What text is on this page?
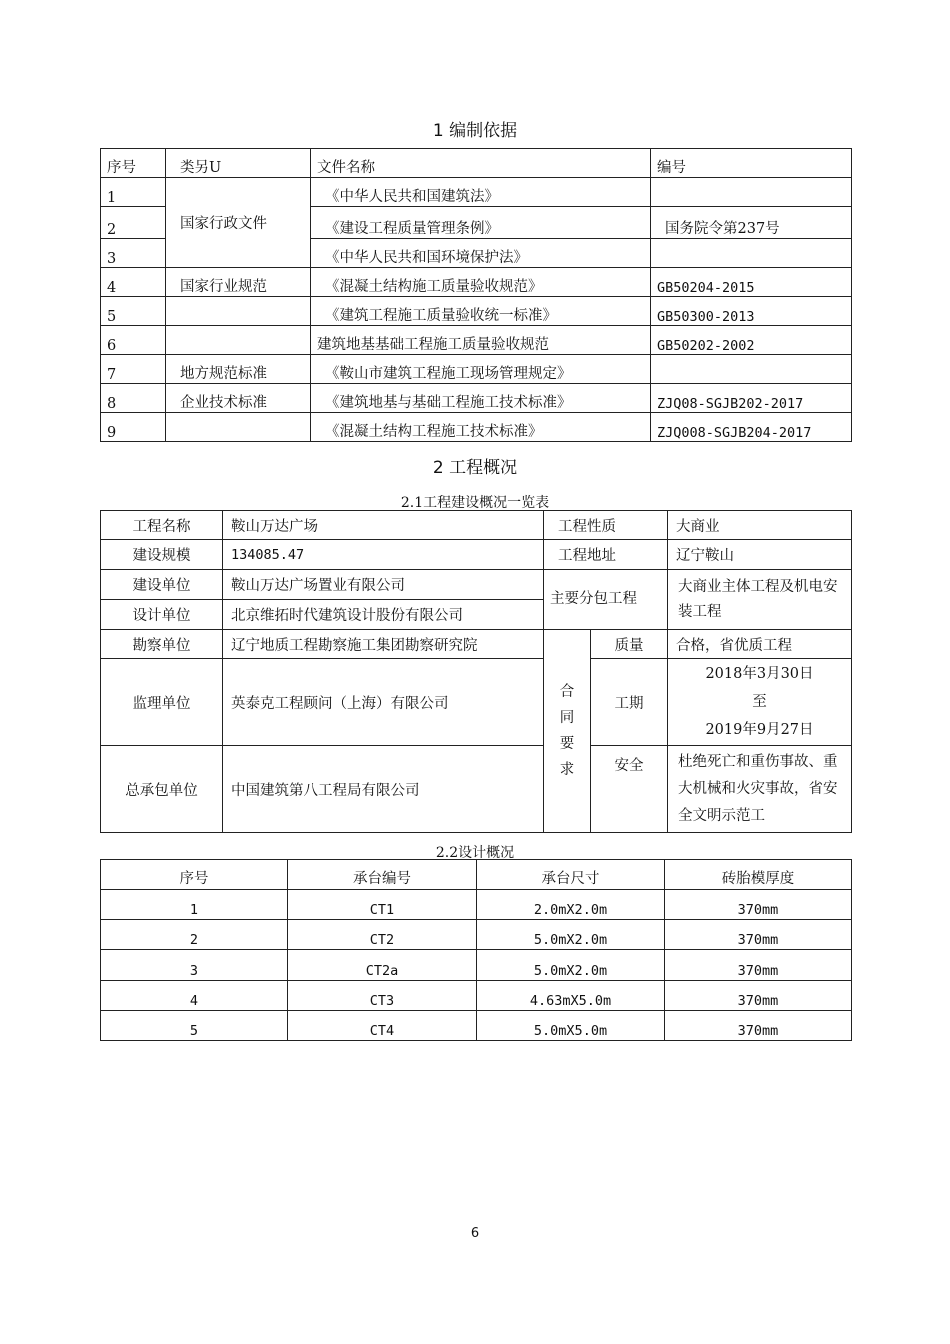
1 编制依据
序号	类另U	文件名称	编号
1	国家行政文件	《中华人民共和国建筑法》	
2		《建设工程质量管理条例》	国务院令第237号
3		《中华人民共和国环境保护法》	
4	国家行业规范	《混凝土结构施工质量验收规范》	GB50204-2015
5		《建筑工程施工质量验收统一标准》	GB50300-2013
6		建筑地基基础工程施工质量验收规范	GB50202-2002
7	地方规范标准	《鞍山市建筑工程施工现场管理规定》	
8	企业技术标准	《建筑地基与基础工程施工技术标准》	ZJQ08-SGJB202-2017
9		《混凝土结构工程施工技术标准》	ZJQ008-SGJB204-2017
2 工程概况
2.1工程建设概况一览表
工程名称	鞍山万达广场	工程性质		大商业
建设规模	134085.47	工程地址		辽宁鞍山
建设单位	鞍山万达广场置业有限公司	主要分包工程		大商业主体工程及机电安装工程
设计单位	北京维拓时代建筑设计股份有限公司			
勘察单位	辽宁地质工程勘察施工集团勘察研究院	合同要求	质量	合格，省优质工程
监理单位	英泰克工程顾问（上海）有限公司		工期	2018年3月30日
至
2019年9月27日

总承包单位	中国建筑第八工程局有限公司		安全	杜绝死亡和重伤事故、重大机械和火灾事故，省安全文明示范工
2.2设计概况
序号	承台编号	承台尺寸	砖胎模厚度
1	CT1	2.0mX2.0m	370mm
2	CT2	5.0mX2.0m	370mm
3	CT2a	5.0mX2.0m	370mm
4	CT3	4.63mX5.0m	370mm
5	CT4	5.0mX5.0m	370mm
6
